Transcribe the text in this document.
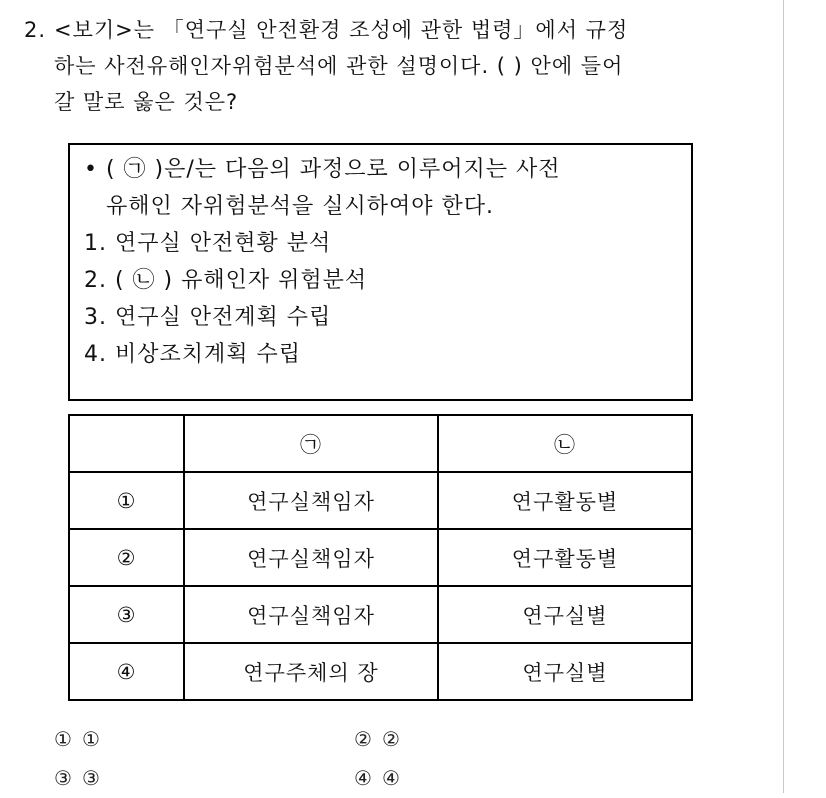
2. <보기>는 「연구실 안전환경 조성에 관한 법령」에서 규정
하는 사전유해인자위험분석에 관한 설명이다. ( ) 안에 들어
갈 말로 옳은 것은?
• ( ㉠ )은/는 다음의 과정으로 이루어지는 사전
유해인 자위험분석을 실시하여야 한다.
1. 연구실 안전현황 분석
2. ( ㉡ ) 유해인자 위험분석
3. 연구실 안전계획 수립
4. 비상조치계획 수립
	㉠	㉡
①	연구실책임자	연구활동별
②	연구실책임자	연구활동별
③	연구실책임자	연구실별
④	연구주체의 장	연구실별
① ①	② ②
③ ③	④ ④
